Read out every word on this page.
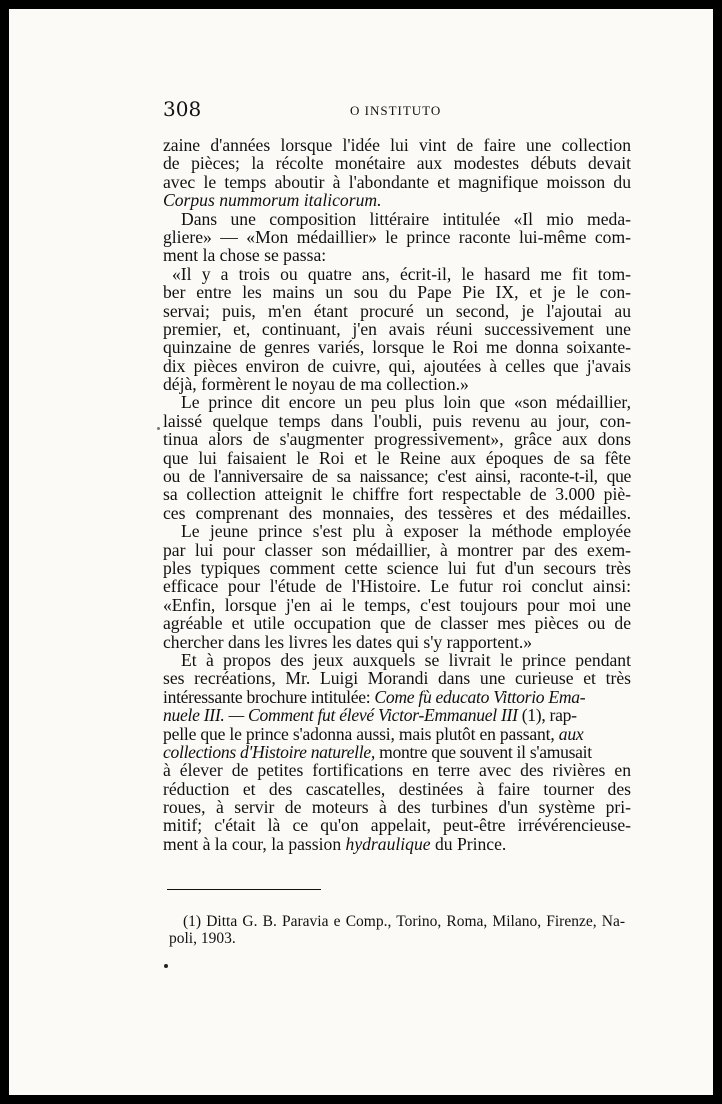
308	O INSTITUTO
zaine d'années lorsque l'idée lui vint de faire une collection
de pièces; la récolte monétaire aux modestes débuts devait
avec le temps aboutir à l'abondante et magnifique moisson du
Corpus nummorum italicorum.
Dans une composition littéraire intitulée «Il mio meda-
gliere» — «Mon médaillier» le prince raconte lui-même com-
ment la chose se passa:
«Il y a trois ou quatre ans, écrit-il, le hasard me fit tom-
ber entre les mains un sou du Pape Pie IX, et je le con-
servai; puis, m'en étant procuré un second, je l'ajoutai au
premier, et, continuant, j'en avais réuni successivement une
quinzaine de genres variés, lorsque le Roi me donna soixante-
dix pièces environ de cuivre, qui, ajoutées à celles que j'avais
déjà, formèrent le noyau de ma collection.»
Le prince dit encore un peu plus loin que «son médaillier,
laissé quelque temps dans l'oubli, puis revenu au jour, con-
tinua alors de s'augmenter progressivement», grâce aux dons
que lui faisaient le Roi et le Reine aux époques de sa fête
ou de l'anniversaire de sa naissance; c'est ainsi, raconte-t-il, que
sa collection atteignit le chiffre fort respectable de 3.000 piè-
ces comprenant des monnaies, des tessères et des médailles.
Le jeune prince s'est plu à exposer la méthode employée
par lui pour classer son médaillier, à montrer par des exem-
ples typiques comment cette science lui fut d'un secours très
efficace pour l'étude de l'Histoire. Le futur roi conclut ainsi:
«Enfin, lorsque j'en ai le temps, c'est toujours pour moi une
agréable et utile occupation que de classer mes pièces ou de
chercher dans les livres les dates qui s'y rapportent.»
Et à propos des jeux auxquels se livrait le prince pendant
ses recréations, Mr. Luigi Morandi dans une curieuse et très
intéressante brochure intitulée: Come fù educato Vittorio Ema-
nuele III. — Comment fut élevé Victor-Emmanuel III (1), rap-
pelle que le prince s'adonna aussi, mais plutôt en passant, aux
collections d'Histoire naturelle, montre que souvent il s'amusait
à élever de petites fortifications en terre avec des rivières en
réduction et des cascatelles, destinées à faire tourner des
roues, à servir de moteurs à des turbines d'un système pri-
mitif; c'était là ce qu'on appelait, peut-être irrévérencieuse-
ment à la cour, la passion hydraulique du Prince.
(1) Ditta G. B. Paravia e Comp., Torino, Roma, Milano, Firenze, Na-
poli, 1903.
